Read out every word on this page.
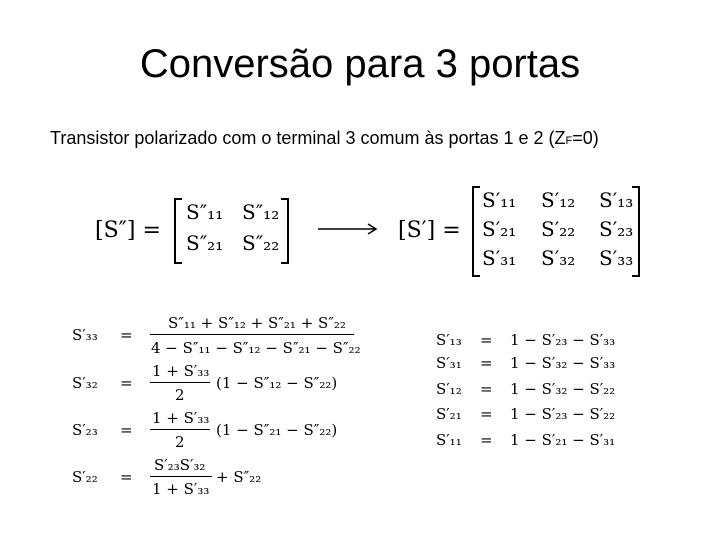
Conversão para 3 portas
Transistor polarizado com o terminal 3 comum às portas 1 e 2 (ZF=0)
[S″] =
S″₁₁ S″₁₂
S″₂₁ S″₂₂	[S′] =
S′₁₁ S′₁₂ S′₁₃
S′₂₁ S′₂₂ S′₂₃
S′₃₁ S′₃₂ S′₃₃
S′₃₃ =
S″₁₁ + S″₁₂ + S″₂₁ + S″₂₂
4 − S″₁₁ − S″₁₂ − S″₂₁ − S″₂₂
S′₃₂ =
1 + S′₃₃
2
(1 − S″₁₂ − S″₂₂)
S′₂₃ =
1 + S′₃₃
2
(1 − S″₂₁ − S″₂₂)
S′₂₂ =
S′₂₃S′₃₂
1 + S′₃₃
+ S″₂₂
S′₁₃ = 1 − S′₂₃ − S′₃₃
S′₃₁ = 1 − S′₃₂ − S′₃₃
S′₁₂ = 1 − S′₃₂ − S′₂₂
S′₂₁ = 1 − S′₂₃ − S′₂₂
S′₁₁ = 1 − S′₂₁ − S′₃₁
